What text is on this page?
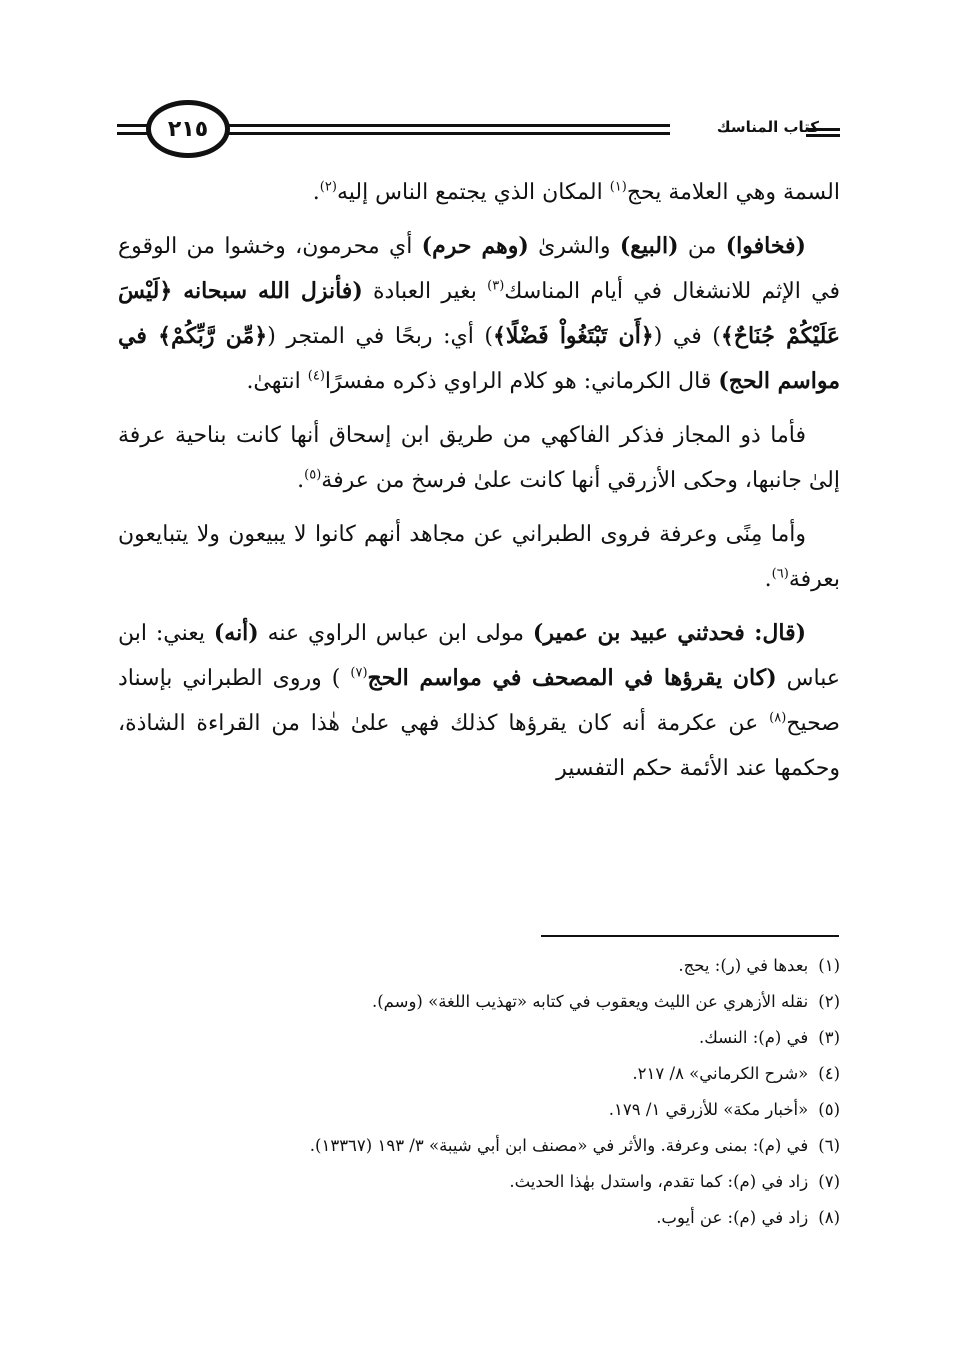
٢١٥	كتاب المناسك

السمة وهي العلامة يحج$^{(١)}$ المكان الذي يجتمع الناس إليه$^{(٢)}$.

(فخافوا) من (البيع) والشرىٰ (وهم حرم) أي محرمون، وخشوا من الوقوع في الإثم للانشغال في أيام المناسك$^{(٣)}$ بغير العبادة (فأنزل الله سبحانه ﴿لَيْسَ عَلَيْكُمْ جُنَاحٌ﴾) في (﴿أَن تَبْتَغُواْ فَضْلًا﴾) أي: ربحًا في المتجر (﴿مِّن رَّبِّكُمْ﴾ في مواسم الحج) قال الكرماني: هو كلام الراوي ذكره مفسرًا$^{(٤)}$ انتهىٰ.

فأما ذو المجاز فذكر الفاكهي من طريق ابن إسحاق أنها كانت بناحية عرفة إلىٰ جانبها، وحكى الأزرقي أنها كانت علىٰ فرسخ من عرفة$^{(٥)}$.

وأما مِنًى وعرفة فروى الطبراني عن مجاهد أنهم كانوا لا يبيعون ولا يتبايعون بعرفة$^{(٦)}$.

(قال: فحدثني عبيد بن عمير) مولى ابن عباس الراوي عنه (أنه) يعني: ابن عباس (كان يقرؤها في المصحف في مواسم الحج$^{(٧)}$ ) وروى الطبراني بإسناد صحيح$^{(٨)}$ عن عكرمة أنه كان يقرؤها كذلك فهي علىٰ هٰذا من القراءة الشاذة، وحكمها عند الأئمة حكم التفسير

(١)بعدها في (ر): يحج.
(٢)نقله الأزهري عن الليث ويعقوب في كتابه «تهذيب اللغة» (وسم).
(٣)في (م): النسك.
(٤)«شرح الكرماني» ٨/ ٢١٧.
(٥)«أخبار مكة» للأزرقي ١/ ١٧٩.
(٦)في (م): بمنى وعرفة. والأثر في «مصنف ابن أبي شيبة» ٣/ ١٩٣ (١٣٣٦٧).
(٧)زاد في (م): كما تقدم، واستدل بهٰذا الحديث.
(٨)زاد في (م): عن أيوب.
